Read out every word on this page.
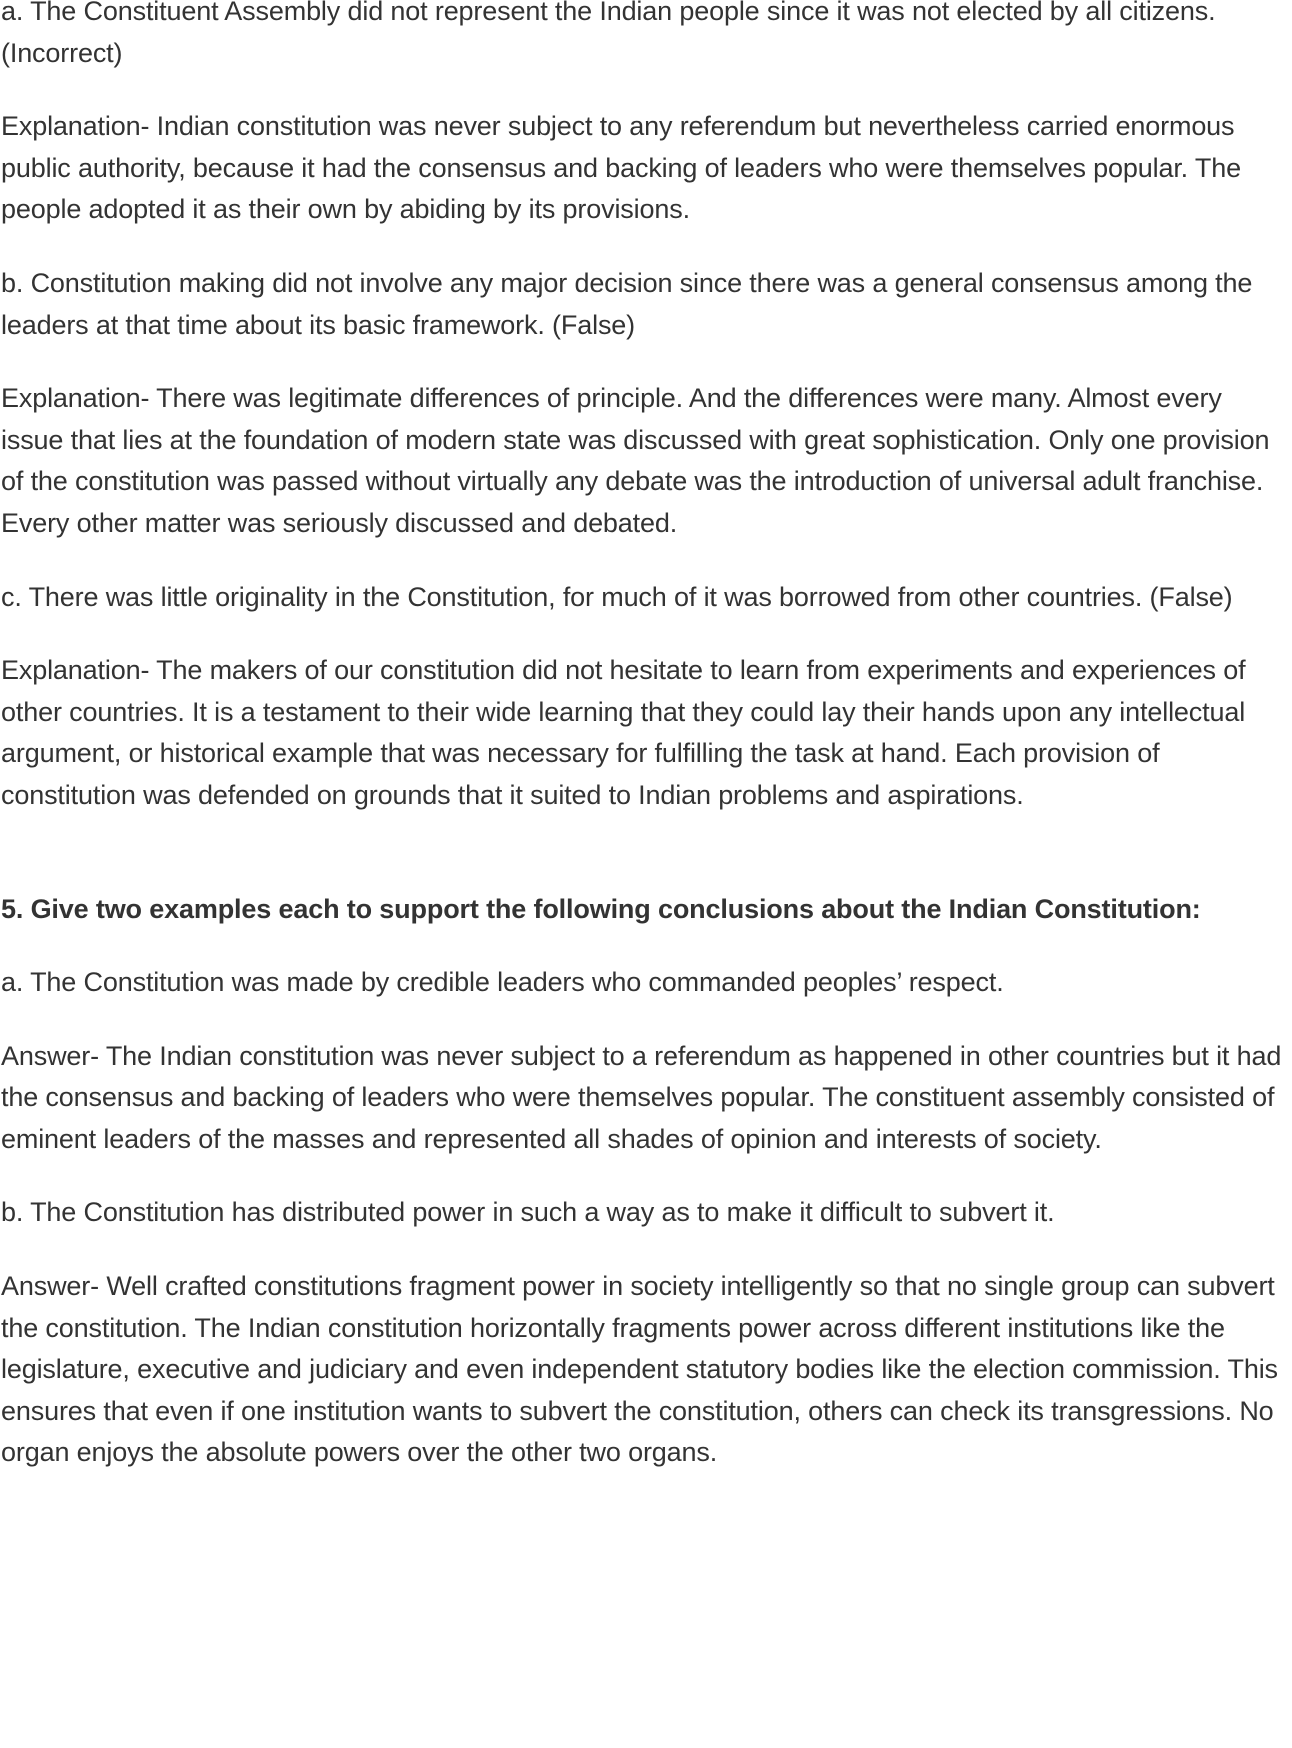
a. The Constituent Assembly did not represent the Indian people since it was not elected by all citizens. (Incorrect)

Explanation- Indian constitution was never subject to any referendum but nevertheless carried enormous public authority, because it had the consensus and backing of leaders who were themselves popular. The people adopted it as their own by abiding by its provisions.

b. Constitution making did not involve any major decision since there was a general consensus among the leaders at that time about its basic framework. (False)

Explanation- There was legitimate differences of principle. And the differences were many. Almost every issue that lies at the foundation of modern state was discussed with great sophistication. Only one provision of the constitution was passed without virtually any debate was the introduction of universal adult franchise. Every other matter was seriously discussed and debated.

c. There was little originality in the Constitution, for much of it was borrowed from other countries. (False)

Explanation- The makers of our constitution did not hesitate to learn from experiments and experiences of other countries. It is a testament to their wide learning that they could lay their hands upon any intellectual argument, or historical example that was necessary for fulfilling the task at hand. Each provision of constitution was defended on grounds that it suited to Indian problems and aspirations.

5. Give two examples each to support the following conclusions about the Indian Constitution:

a. The Constitution was made by credible leaders who commanded peoples’ respect.

Answer- The Indian constitution was never subject to a referendum as happened in other countries but it had the consensus and backing of leaders who were themselves popular. The constituent assembly consisted of eminent leaders of the masses and represented all shades of opinion and interests of society.

b. The Constitution has distributed power in such a way as to make it difficult to subvert it.

Answer- Well crafted constitutions fragment power in society intelligently so that no single group can subvert the constitution. The Indian constitution horizontally fragments power across different institutions like the legislature, executive and judiciary and even independent statutory bodies like the election commission. This ensures that even if one institution wants to subvert the constitution, others can check its transgressions. No organ enjoys the absolute powers over the other two organs.
